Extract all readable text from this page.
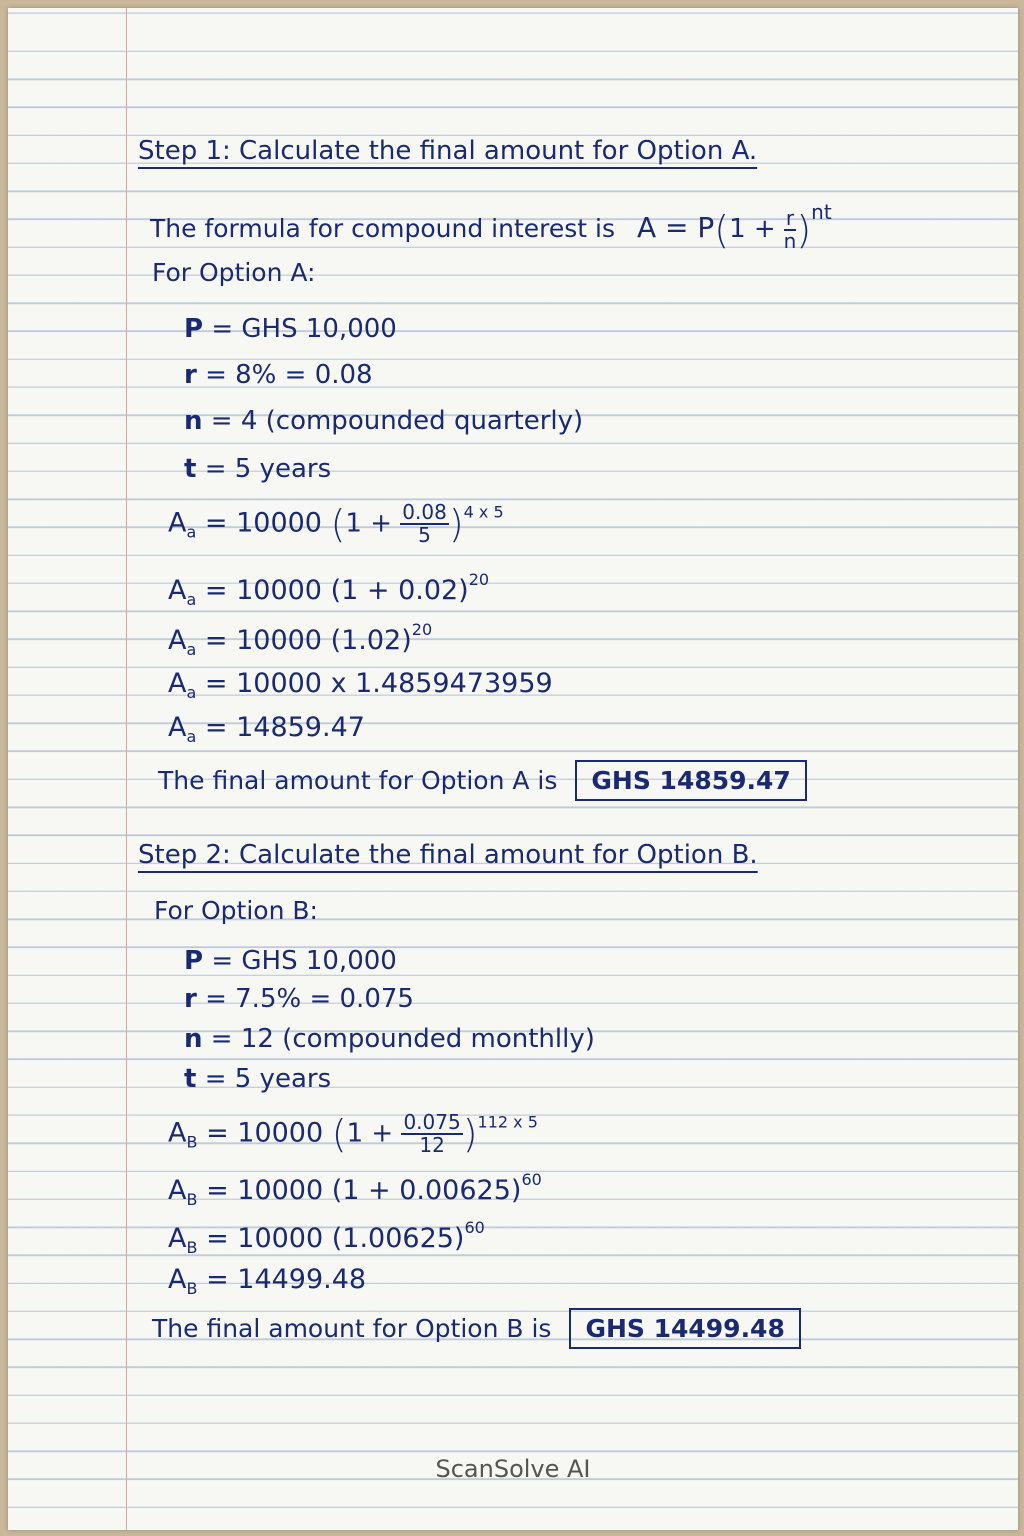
Step 1: Calculate the final amount for Option A.
The formula for compound interest is $A = P(1 + \frac{r}{n} )^{nt}$
For Option A:
P = GHS 10,000
r = 8% = 0.08
n = 4 (compounded quarterly)
t = 5 years
$A_a = 10000$ $(1 + \frac{0.08}{5} )^{4 x 5}$
$A_a = 10000$ $(1 + 0.02)^{20}$
$A_a = 10000$ $(1.02)^{20}$
$A_a = 10000$ x 1.4859473959
$A_a = 14859.47$
The final amount for Option A is GHS 14859.47
Step 2: Calculate the final amount for Option B.
For Option B:
P = GHS 10,000
r = 7.5% = 0.075
n = 12 (compounded monthlly)
t = 5 years
$A_B = 10000$ $(1 + \frac{0.075}{12} )^{112 x 5}$
$A_B = 10000$ $(1 + 0.00625)^{60}$
$A_B = 10000$ $(1.00625)^{60}$
$A_B = 14499.48$
The final amount for Option B is GHS 14499.48
ScanSolve AI
